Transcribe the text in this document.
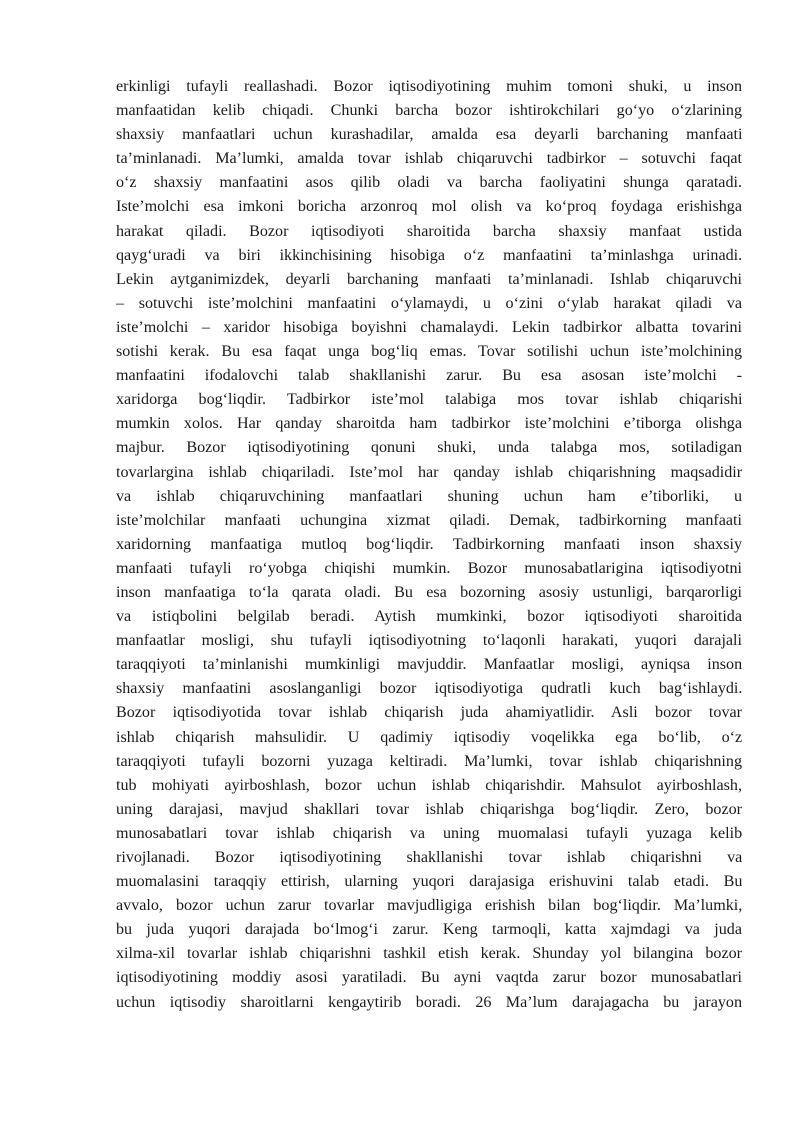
erkinligi tufayli reallashadi. Bozor iqtisodiyotining muhim tomoni shuki, u inson
manfaatidan kelib chiqadi. Chunki barcha bozor ishtirokchilari go‘yo o‘zlarining
shaxsiy manfaatlari uchun kurashadilar, amalda esa deyarli barchaning manfaati
ta’minlanadi. Ma’lumki, amalda tovar ishlab chiqaruvchi tadbirkor – sotuvchi faqat
o‘z shaxsiy manfaatini asos qilib oladi va barcha faoliyatini shunga qaratadi.
Iste’molchi esa imkoni boricha arzonroq mol olish va ko‘proq foydaga erishishga
harakat qiladi. Bozor iqtisodiyoti sharoitida barcha shaxsiy manfaat ustida
qayg‘uradi va biri ikkinchisining hisobiga o‘z manfaatini ta’minlashga urinadi.
Lekin aytganimizdek, deyarli barchaning manfaati ta’minlanadi. Ishlab chiqaruvchi
– sotuvchi iste’molchini manfaatini o‘ylamaydi, u o‘zini o‘ylab harakat qiladi va
iste’molchi – xaridor hisobiga boyishni chamalaydi. Lekin tadbirkor albatta tovarini
sotishi kerak. Bu esa faqat unga bog‘liq emas. Tovar sotilishi uchun iste’molchining
manfaatini ifodalovchi talab shakllanishi zarur. Bu esa asosan iste’molchi -
xaridorga bog‘liqdir. Tadbirkor iste’mol talabiga mos tovar ishlab chiqarishi
mumkin xolos. Har qanday sharoitda ham tadbirkor iste’molchini e’tiborga olishga
majbur. Bozor iqtisodiyotining qonuni shuki, unda talabga mos, sotiladigan
tovarlargina ishlab chiqariladi. Iste’mol har qanday ishlab chiqarishning maqsadidir
va ishlab chiqaruvchining manfaatlari shuning uchun ham e’tiborliki, u
iste’molchilar manfaati uchungina xizmat qiladi. Demak, tadbirkorning manfaati
xaridorning manfaatiga mutloq bog‘liqdir. Tadbirkorning manfaati inson shaxsiy
manfaati tufayli ro‘yobga chiqishi mumkin. Bozor munosabatlarigina iqtisodiyotni
inson manfaatiga to‘la qarata oladi. Bu esa bozorning asosiy ustunligi, barqarorligi
va istiqbolini belgilab beradi. Aytish mumkinki, bozor iqtisodiyoti sharoitida
manfaatlar mosligi, shu tufayli iqtisodiyotning to‘laqonli harakati, yuqori darajali
taraqqiyoti ta’minlanishi mumkinligi mavjuddir. Manfaatlar mosligi, ayniqsa inson
shaxsiy manfaatini asoslanganligi bozor iqtisodiyotiga qudratli kuch bag‘ishlaydi.
Bozor iqtisodiyotida tovar ishlab chiqarish juda ahamiyatlidir. Asli bozor tovar
ishlab chiqarish mahsulidir. U qadimiy iqtisodiy voqelikka ega bo‘lib, o‘z
taraqqiyoti tufayli bozorni yuzaga keltiradi. Ma’lumki, tovar ishlab chiqarishning
tub mohiyati ayirboshlash, bozor uchun ishlab chiqarishdir. Mahsulot ayirboshlash,
uning darajasi, mavjud shakllari tovar ishlab chiqarishga bog‘liqdir. Zero, bozor
munosabatlari tovar ishlab chiqarish va uning muomalasi tufayli yuzaga kelib
rivojlanadi. Bozor iqtisodiyotining shakllanishi tovar ishlab chiqarishni va
muomalasini taraqqiy ettirish, ularning yuqori darajasiga erishuvini talab etadi. Bu
avvalo, bozor uchun zarur tovarlar mavjudligiga erishish bilan bog‘liqdir. Ma’lumki,
bu juda yuqori darajada bo‘lmog‘i zarur. Keng tarmoqli, katta xajmdagi va juda
xilma-xil tovarlar ishlab chiqarishni tashkil etish kerak. Shunday yol bilangina bozor
iqtisodiyotining moddiy asosi yaratiladi. Bu ayni vaqtda zarur bozor munosabatlari
uchun iqtisodiy sharoitlarni kengaytirib boradi. 26 Ma’lum darajagacha bu jarayon
